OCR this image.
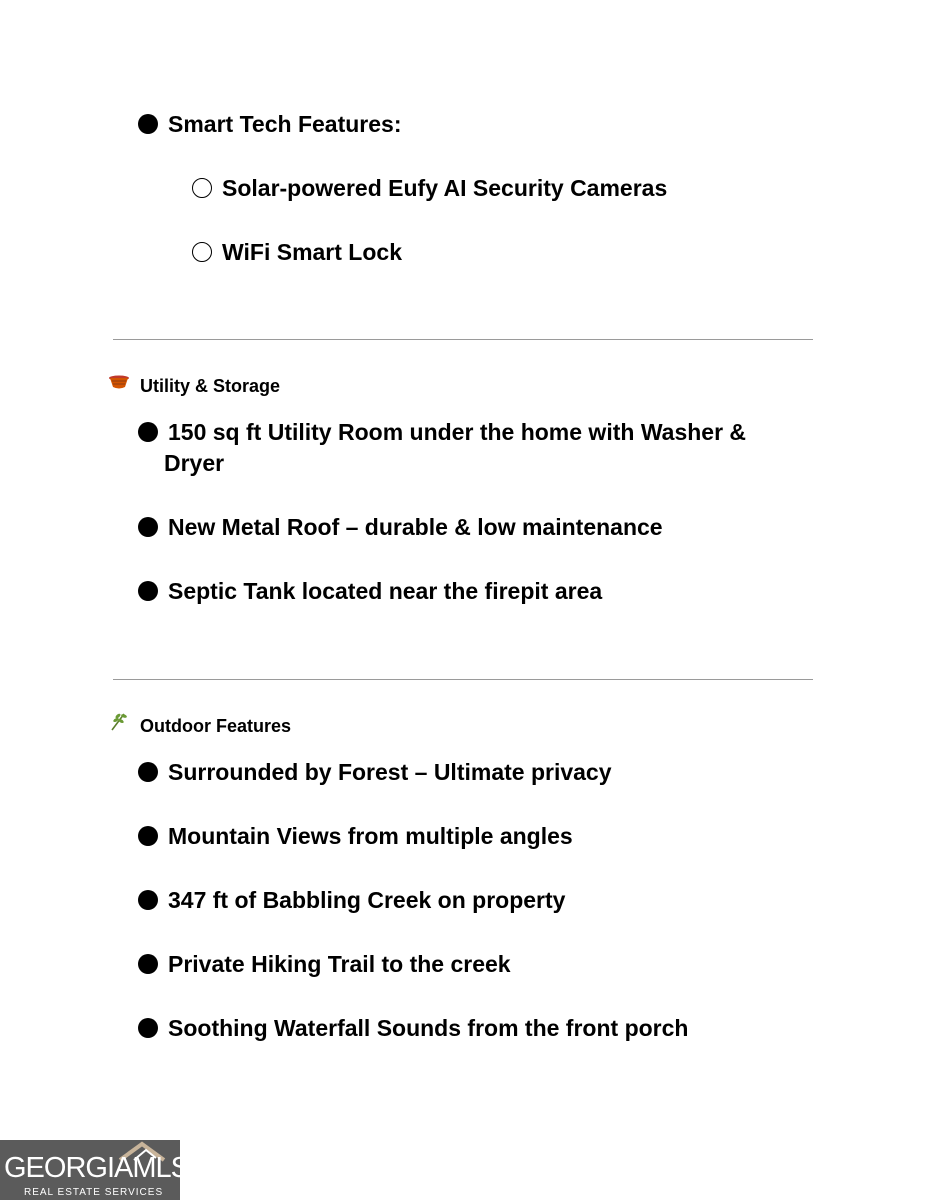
Smart Tech Features:
Solar-powered Eufy AI Security Cameras
WiFi Smart Lock
Utility & Storage
150 sq ft Utility Room under the home with Washer &
Dryer
New Metal Roof – durable & low maintenance
Septic Tank located near the firepit area
Outdoor Features
Surrounded by Forest – Ultimate privacy
Mountain Views from multiple angles
347 ft of Babbling Creek on property
Private Hiking Trail to the creek
Soothing Waterfall Sounds from the front porch
GEORGIAMLS
REAL ESTATE SERVICES
